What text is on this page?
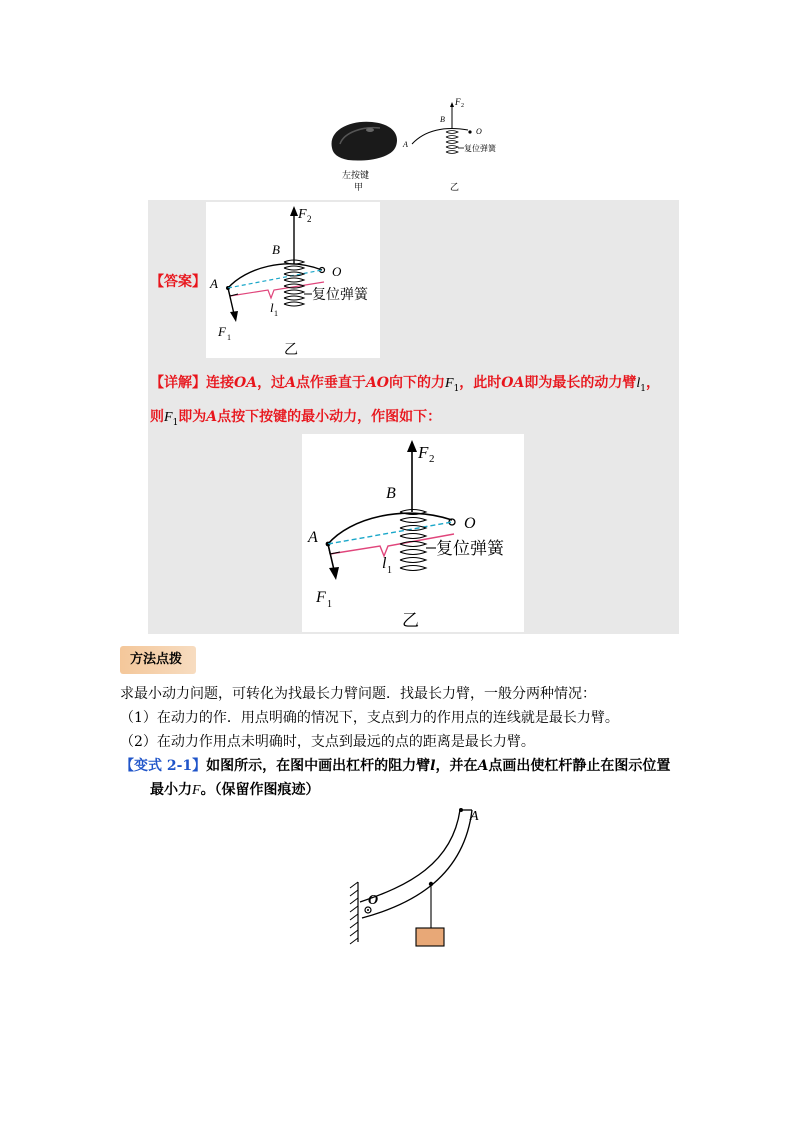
左按键
甲
F 2
B
A
O
复位弹簧
乙
【答案】
F 2
B
O
A
F 1
l 1
复位弹簧
乙
【详解】连接OA，过A点作垂直于AO向下的力$F_1$，此时OA即为最长的动力臂$l_1$，
则$F_1$即为A点按下按键的最小动力，作图如下：
F 2
B
O
A
F 1
l 1
复位弹簧
乙
方法点拨
求最小动力问题，可转化为找最长力臂问题．找最长力臂，一般分两种情况：
（1）在动力的作．用点明确的情况下，支点到力的作用点的连线就是最长力臂。
（2）在动力作用点未明确时，支点到最远的点的距离是最长力臂。
【变式 2-1】如图所示，在图中画出杠杆的阻力臂l，并在A点画出使杠杆静止在图示位置
最小力F。（保留作图痕迹）
O
A
